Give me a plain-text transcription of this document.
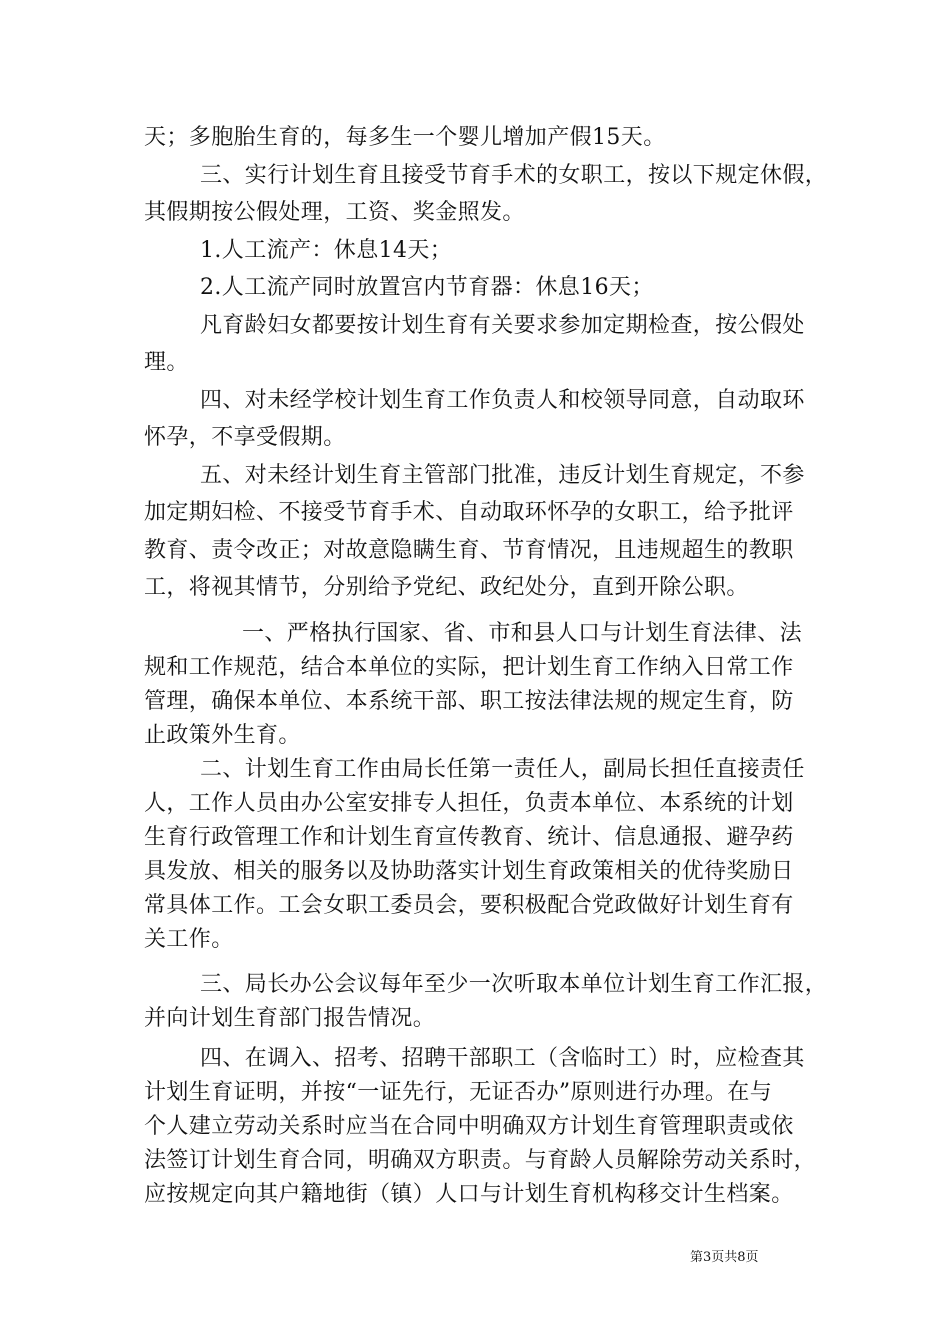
天；多胞胎生育的，每多生一个婴儿增加产假15天。
三、实行计划生育且接受节育手术的女职工，按以下规定休假，
其假期按公假处理，工资、奖金照发。
1.人工流产：休息14天；
2.人工流产同时放置宫内节育器：休息16天；
凡育龄妇女都要按计划生育有关要求参加定期检查，按公假处
理。
四、对未经学校计划生育工作负责人和校领导同意，自动取环
怀孕，不享受假期。
五、对未经计划生育主管部门批准，违反计划生育规定，不参
加定期妇检、不接受节育手术、自动取环怀孕的女职工，给予批评
教育、责令改正；对故意隐瞒生育、节育情况，且违规超生的教职
工，将视其情节，分别给予党纪、政纪处分，直到开除公职。
一、严格执行国家、省、市和县人口与计划生育法律、法
规和工作规范，结合本单位的实际，把计划生育工作纳入日常工作
管理，确保本单位、本系统干部、职工按法律法规的规定生育，防
止政策外生育。
二、计划生育工作由局长任第一责任人，副局长担任直接责任
人，工作人员由办公室安排专人担任，负责本单位、本系统的计划
生育行政管理工作和计划生育宣传教育、统计、信息通报、避孕药
具发放、相关的服务以及协助落实计划生育政策相关的优待奖励日
常具体工作。工会女职工委员会，要积极配合党政做好计划生育有
关工作。
三、局长办公会议每年至少一次听取本单位计划生育工作汇报，
并向计划生育部门报告情况。
四、在调入、招考、招聘干部职工（含临时工）时，应检查其
计划生育证明，并按“一证先行，无证否办”原则进行办理。在与
个人建立劳动关系时应当在合同中明确双方计划生育管理职责或依
法签订计划生育合同，明确双方职责。与育龄人员解除劳动关系时，
应按规定向其户籍地街（镇）人口与计划生育机构移交计生档案。
第3页共8页
